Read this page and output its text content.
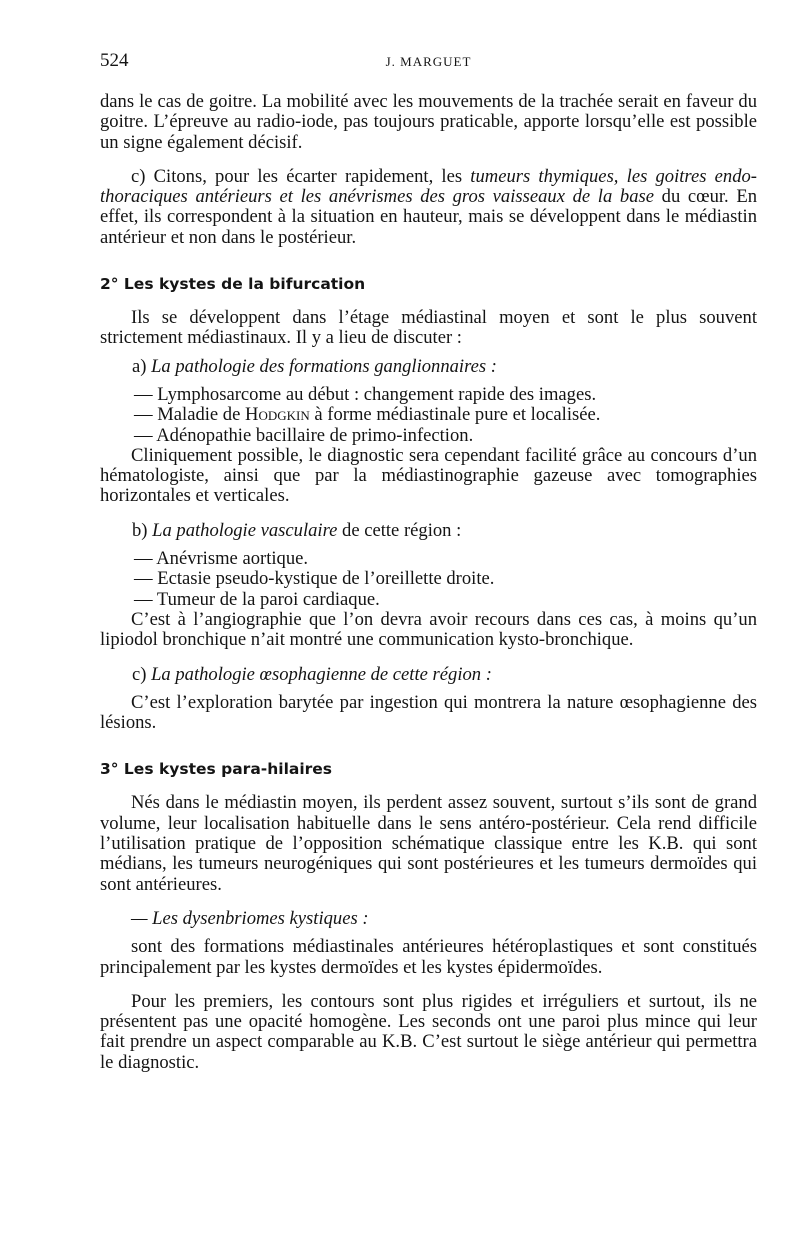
524	J. MARGUET

dans le cas de goitre. La mobilité avec les mouvements de la trachée serait en faveur du goitre. L’épreuve au radio-iode, pas toujours praticable, apporte lorsqu’elle est possible un signe également décisif.

c) Citons, pour les écarter rapidement, les tumeurs thymiques, les goitres endo-thoraciques antérieurs et les anévrismes des gros vaisseaux de la base du cœur. En effet, ils correspondent à la situation en hauteur, mais se développent dans le médiastin antérieur et non dans le postérieur.

2° Les kystes de la bifurcation

Ils se développent dans l’étage médiastinal moyen et sont le plus souvent strictement médiastinaux. Il y a lieu de discuter :

a) La pathologie des formations ganglionnaires :
— Lymphosarcome au début : changement rapide des images.
— Maladie de Hodgkin à forme médiastinale pure et localisée.
— Adénopathie bacillaire de primo-infection.

Cliniquement possible, le diagnostic sera cependant facilité grâce au concours d’un hématologiste, ainsi que par la médiastinographie gazeuse avec tomographies horizontales et verticales.

b) La pathologie vasculaire de cette région :
— Anévrisme aortique.
— Ectasie pseudo-kystique de l’oreillette droite.
— Tumeur de la paroi cardiaque.

C’est à l’angiographie que l’on devra avoir recours dans ces cas, à moins qu’un lipiodol bronchique n’ait montré une communication kysto-bronchique.

c) La pathologie œsophagienne de cette région :

C’est l’exploration barytée par ingestion qui montrera la nature œsophagienne des lésions.

3° Les kystes para-hilaires

Nés dans le médiastin moyen, ils perdent assez souvent, surtout s’ils sont de grand volume, leur localisation habituelle dans le sens antéro-postérieur. Cela rend difficile l’utilisation pratique de l’opposition schématique classique entre les K.B. qui sont médians, les tumeurs neurogéniques qui sont postérieures et les tumeurs dermoïdes qui sont antérieures.

— Les dysenbriomes kystiques :

sont des formations médiastinales antérieures hétéroplastiques et sont constitués principalement par les kystes dermoïdes et les kystes épidermoïdes.

Pour les premiers, les contours sont plus rigides et irréguliers et surtout, ils ne présentent pas une opacité homogène. Les seconds ont une paroi plus mince qui leur fait prendre un aspect comparable au K.B. C’est surtout le siège antérieur qui permettra le diagnostic.
